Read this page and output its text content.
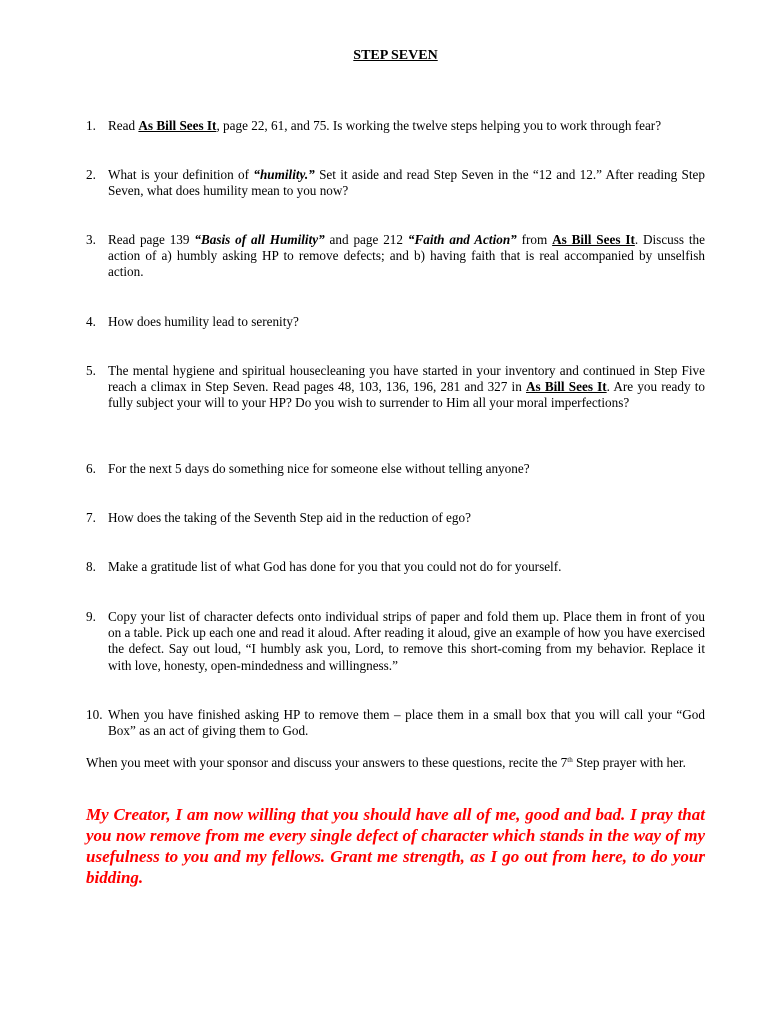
STEP SEVEN
1. Read As Bill Sees It, page 22, 61, and 75. Is working the twelve steps helping you to work through fear?
2. What is your definition of “humility.” Set it aside and read Step Seven in the “12 and 12.” After reading Step Seven, what does humility mean to you now?
3. Read page 139 “Basis of all Humility” and page 212 “Faith and Action” from As Bill Sees It. Discuss the action of a) humbly asking HP to remove defects; and b) having faith that is real accompanied by unselfish action.
4. How does humility lead to serenity?
5. The mental hygiene and spiritual housecleaning you have started in your inventory and continued in Step Five reach a climax in Step Seven. Read pages 48, 103, 136, 196, 281 and 327 in As Bill Sees It. Are you ready to fully subject your will to your HP? Do you wish to surrender to Him all your moral imperfections?
6. For the next 5 days do something nice for someone else without telling anyone?
7. How does the taking of the Seventh Step aid in the reduction of ego?
8. Make a gratitude list of what God has done for you that you could not do for yourself.
9. Copy your list of character defects onto individual strips of paper and fold them up. Place them in front of you on a table. Pick up each one and read it aloud. After reading it aloud, give an example of how you have exercised the defect. Say out loud, “I humbly ask you, Lord, to remove this short-coming from my behavior. Replace it with love, honesty, open-mindedness and willingness.”
10. When you have finished asking HP to remove them – place them in a small box that you will call your “God Box” as an act of giving them to God.
When you meet with your sponsor and discuss your answers to these questions, recite the 7th Step prayer with her.
My Creator, I am now willing that you should have all of me, good and bad. I pray that you now remove from me every single defect of character which stands in the way of my usefulness to you and my fellows. Grant me strength, as I go out from here, to do your bidding.
